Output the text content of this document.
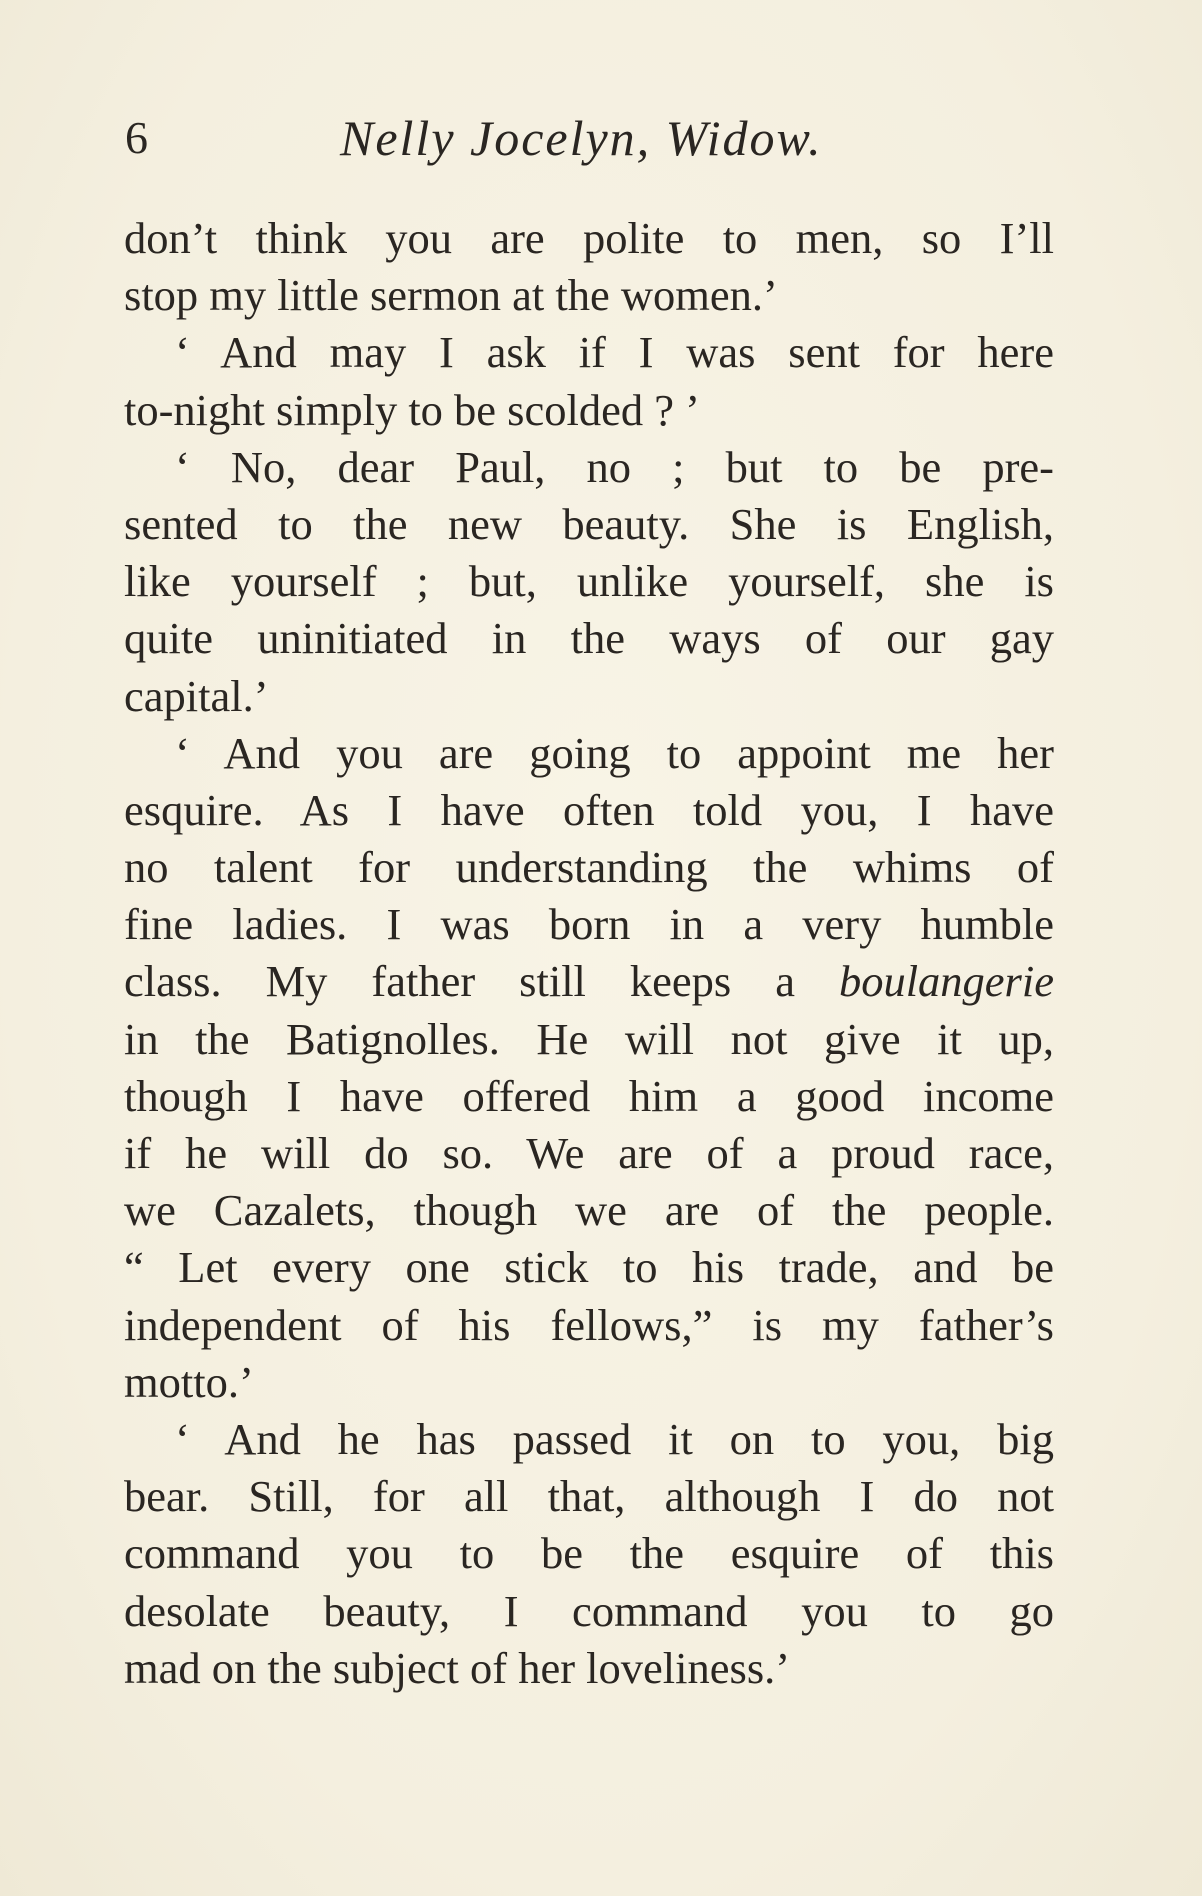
6	Nelly Jocelyn, Widow.
don’t think you are polite to men, so I’ll
stop my little sermon at the women.’
‘ And may I ask if I was sent for here
to-night simply to be scolded ? ’
‘ No, dear Paul, no ; but to be pre-
sented to the new beauty. She is English,
like yourself ; but, unlike yourself, she is
quite uninitiated in the ways of our gay
capital.’
‘ And you are going to appoint me her
esquire. As I have often told you, I have
no talent for understanding the whims of
fine ladies. I was born in a very humble
class. My father still keeps a boulangerie
in the Batignolles. He will not give it up,
though I have offered him a good income
if he will do so. We are of a proud race,
we Cazalets, though we are of the people.
“ Let every one stick to his trade, and be
independent of his fellows,” is my father’s
motto.’
‘ And he has passed it on to you, big
bear. Still, for all that, although I do not
command you to be the esquire of this
desolate beauty, I command you to go
mad on the subject of her loveliness.’
